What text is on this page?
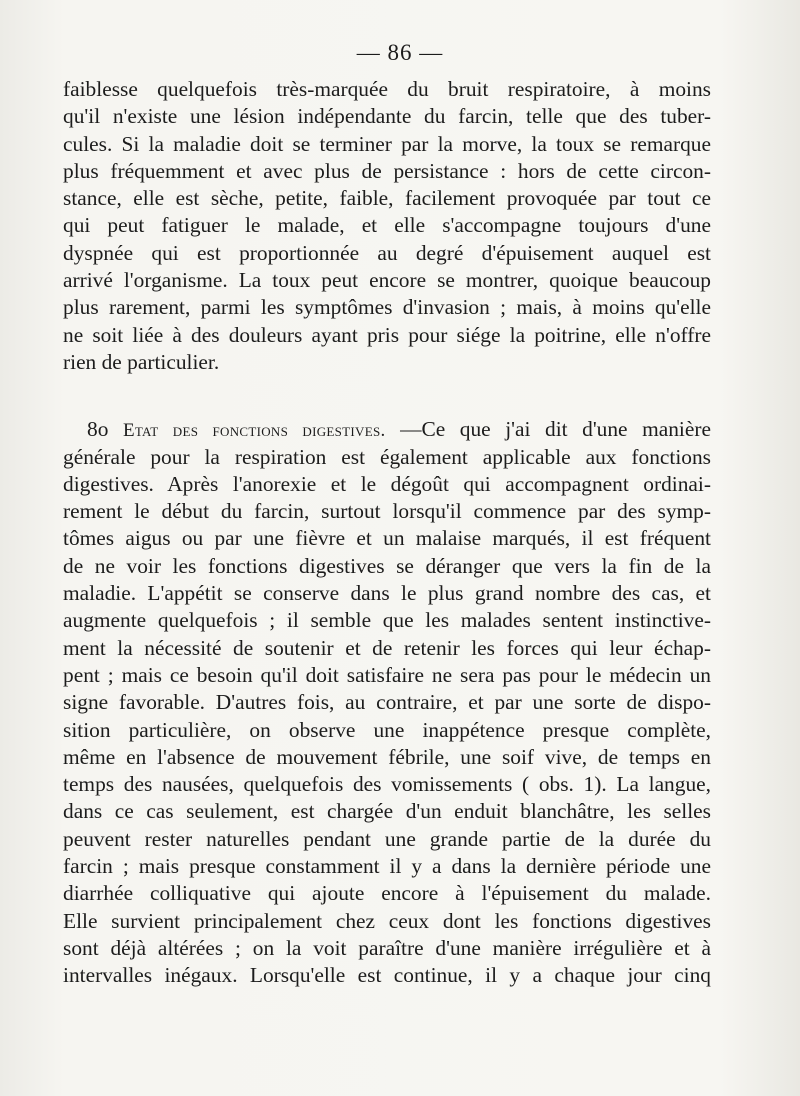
— 86 —
faiblesse quelquefois très-marquée du bruit respiratoire, à moins
qu'il n'existe une lésion indépendante du farcin, telle que des tuber-
cules. Si la maladie doit se terminer par la morve, la toux se remarque
plus fréquemment et avec plus de persistance : hors de cette circon-
stance, elle est sèche, petite, faible, facilement provoquée par tout ce
qui peut fatiguer le malade, et elle s'accompagne toujours d'une
dyspnée qui est proportionnée au degré d'épuisement auquel est
arrivé l'organisme. La toux peut encore se montrer, quoique beaucoup
plus rarement, parmi les symptômes d'invasion ; mais, à moins qu'elle
ne soit liée à des douleurs ayant pris pour siége la poitrine, elle n'offre
rien de particulier.
8o Etat des fonctions digestives. —Ce que j'ai dit d'une manière
générale pour la respiration est également applicable aux fonctions
digestives. Après l'anorexie et le dégoût qui accompagnent ordinai-
rement le début du farcin, surtout lorsqu'il commence par des symp-
tômes aigus ou par une fièvre et un malaise marqués, il est fréquent
de ne voir les fonctions digestives se déranger que vers la fin de la
maladie. L'appétit se conserve dans le plus grand nombre des cas, et
augmente quelquefois ; il semble que les malades sentent instinctive-
ment la nécessité de soutenir et de retenir les forces qui leur échap-
pent ; mais ce besoin qu'il doit satisfaire ne sera pas pour le médecin un
signe favorable. D'autres fois, au contraire, et par une sorte de dispo-
sition particulière, on observe une inappétence presque complète,
même en l'absence de mouvement fébrile, une soif vive, de temps en
temps des nausées, quelquefois des vomissements ( obs. 1). La langue,
dans ce cas seulement, est chargée d'un enduit blanchâtre, les selles
peuvent rester naturelles pendant une grande partie de la durée du
farcin ; mais presque constamment il y a dans la dernière période une
diarrhée colliquative qui ajoute encore à l'épuisement du malade.
Elle survient principalement chez ceux dont les fonctions digestives
sont déjà altérées ; on la voit paraître d'une manière irrégulière et à
intervalles inégaux. Lorsqu'elle est continue, il y a chaque jour cinq
